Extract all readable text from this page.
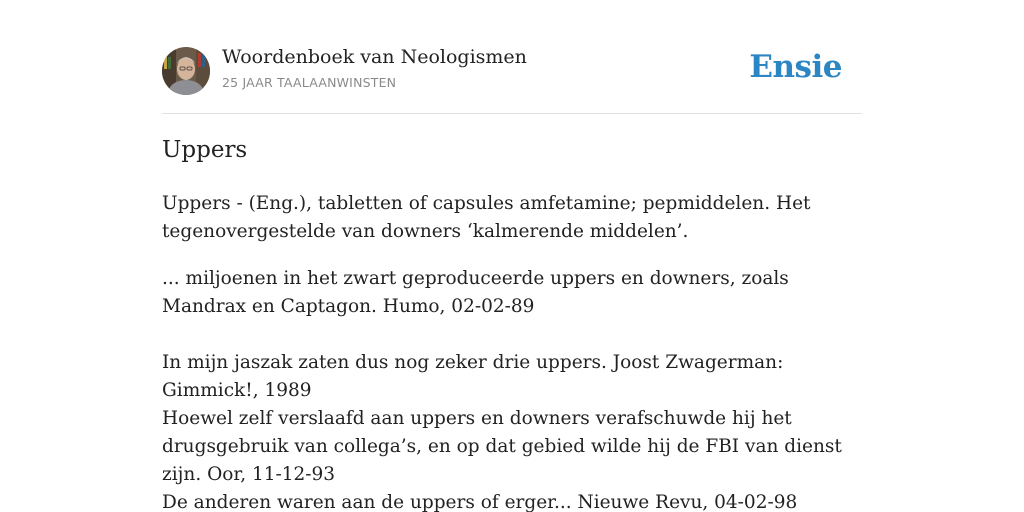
Woordenboek van Neologismen
25 JAAR TAALAANWINSTEN	Ensie
Uppers

Uppers - (Eng.), tabletten of capsules amfetamine; pepmiddelen. Het tegenovergestelde van downers ‘kalmerende middelen’.

... miljoenen in het zwart geproduceerde uppers en downers, zoals Mandrax en Captagon. Humo, 02-02-89

In mijn jaszak zaten dus nog zeker drie uppers. Joost Zwagerman: Gimmick!, 1989

Hoewel zelf verslaafd aan uppers en downers verafschuwde hij het drugsgebruik van collega’s, en op dat gebied wilde hij de FBI van dienst zijn. Oor, 11-12-93

De anderen waren aan de uppers of erger... Nieuwe Revu, 04-02-98
